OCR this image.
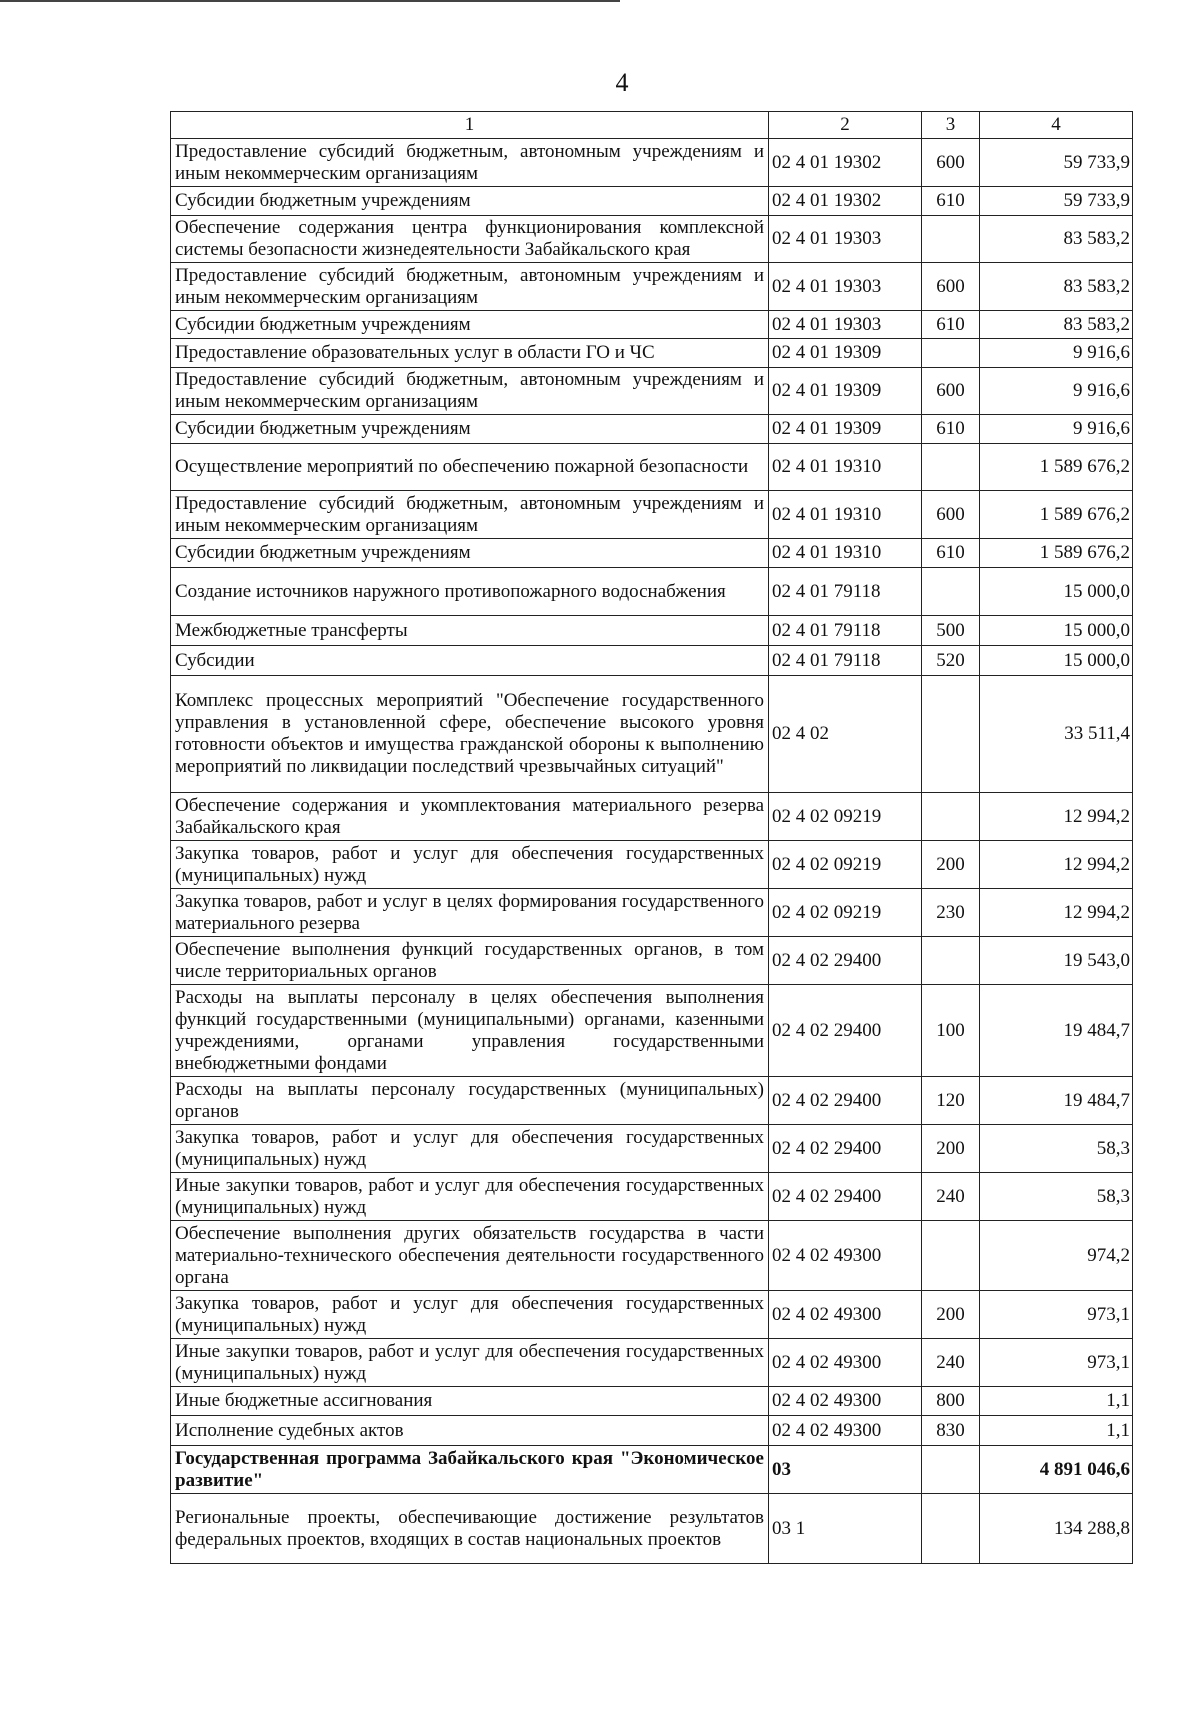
4
1	2	3	4
Предоставление субсидий бюджетным, автономным учреждениям и иным некоммерческим организациям	02 4 01 19302	600	59 733,9
Субсидии бюджетным учреждениям	02 4 01 19302	610	59 733,9
Обеспечение содержания центра функционирования комплексной системы безопасности жизнедеятельности Забайкальского края	02 4 01 19303		83 583,2
Предоставление субсидий бюджетным, автономным учреждениям и иным некоммерческим организациям	02 4 01 19303	600	83 583,2
Субсидии бюджетным учреждениям	02 4 01 19303	610	83 583,2
Предоставление образовательных услуг в области ГО и ЧС	02 4 01 19309		9 916,6
Предоставление субсидий бюджетным, автономным учреждениям и иным некоммерческим организациям	02 4 01 19309	600	9 916,6
Субсидии бюджетным учреждениям	02 4 01 19309	610	9 916,6
Осуществление мероприятий по обеспечению пожарной безопасности	02 4 01 19310		1 589 676,2
Предоставление субсидий бюджетным, автономным учреждениям и иным некоммерческим организациям	02 4 01 19310	600	1 589 676,2
Субсидии бюджетным учреждениям	02 4 01 19310	610	1 589 676,2
Создание источников наружного противопожарного водоснабжения	02 4 01 79118		15 000,0
Межбюджетные трансферты	02 4 01 79118	500	15 000,0
Субсидии	02 4 01 79118	520	15 000,0
Комплекс процессных мероприятий "Обеспечение государственного управления в установленной сфере, обеспечение высокого уровня готовности объектов и имущества гражданской обороны к выполнению мероприятий по ликвидации последствий чрезвычайных ситуаций"	02 4 02		33 511,4
Обеспечение содержания и укомплектования материального резерва Забайкальского края	02 4 02 09219		12 994,2
Закупка товаров, работ и услуг для обеспечения государственных (муниципальных) нужд	02 4 02 09219	200	12 994,2
Закупка товаров, работ и услуг в целях формирования государственного материального резерва	02 4 02 09219	230	12 994,2
Обеспечение выполнения функций государственных органов, в том числе территориальных органов	02 4 02 29400		19 543,0
Расходы на выплаты персоналу в целях обеспечения выполнения функций государственными (муниципальными) органами, казенными учреждениями, органами управления государственными внебюджетными фондами	02 4 02 29400	100	19 484,7
Расходы на выплаты персоналу государственных (муниципальных) органов	02 4 02 29400	120	19 484,7
Закупка товаров, работ и услуг для обеспечения государственных (муниципальных) нужд	02 4 02 29400	200	58,3
Иные закупки товаров, работ и услуг для обеспечения государственных (муниципальных) нужд	02 4 02 29400	240	58,3
Обеспечение выполнения других обязательств государства в части материально-технического обеспечения деятельности государственного органа	02 4 02 49300		974,2
Закупка товаров, работ и услуг для обеспечения государственных (муниципальных) нужд	02 4 02 49300	200	973,1
Иные закупки товаров, работ и услуг для обеспечения государственных (муниципальных) нужд	02 4 02 49300	240	973,1
Иные бюджетные ассигнования	02 4 02 49300	800	1,1
Исполнение судебных актов	02 4 02 49300	830	1,1
Государственная программа Забайкальского края "Экономическое развитие"	03		4 891 046,6
Региональные проекты, обеспечивающие достижение результатов федеральных проектов, входящих в состав национальных проектов	03 1		134 288,8
